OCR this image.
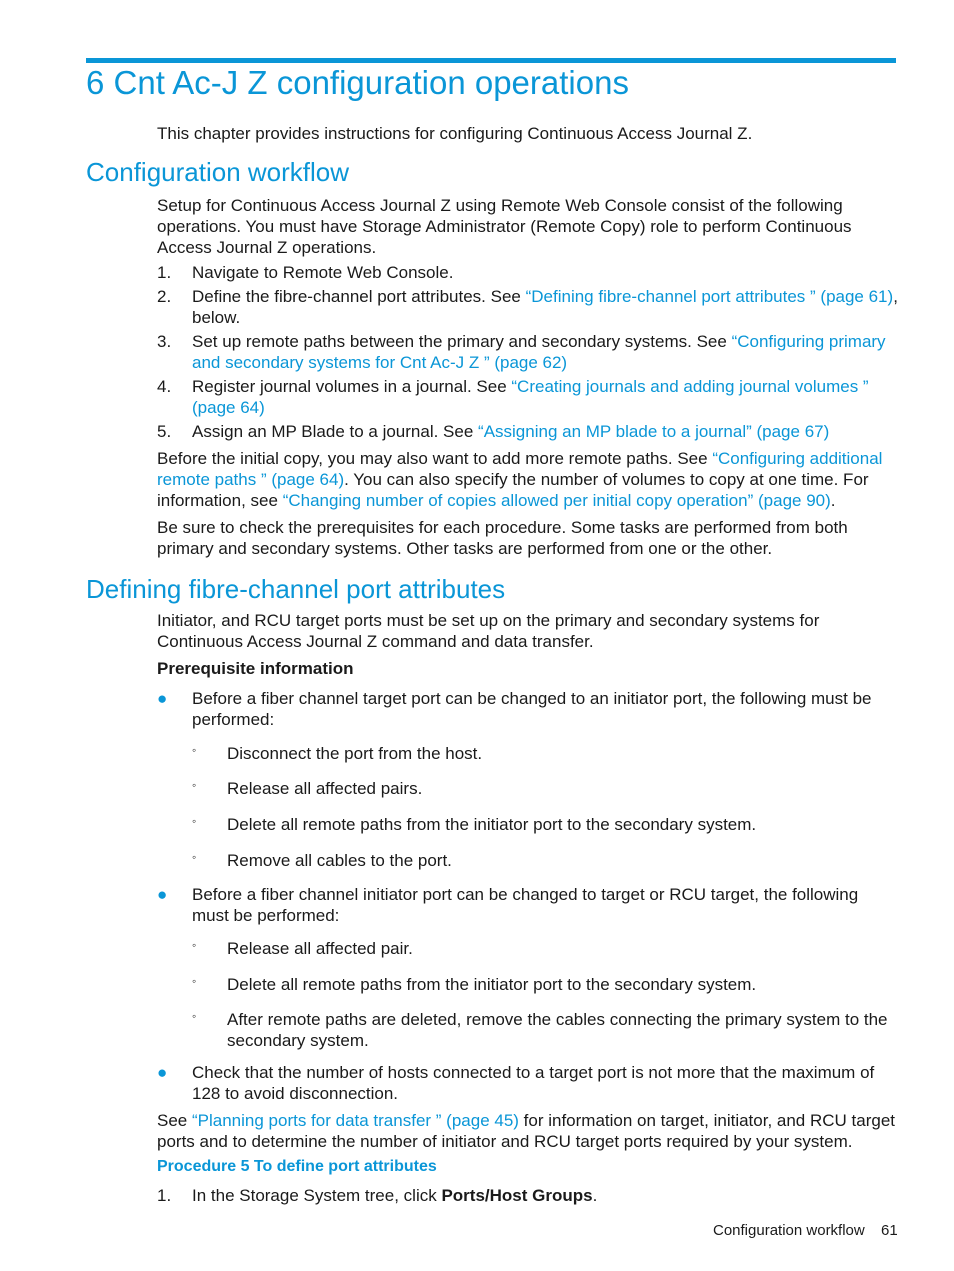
6 Cnt Ac-J Z configuration operations

This chapter provides instructions for configuring Continuous Access Journal Z.

Configuration workflow

Setup for Continuous Access Journal Z using Remote Web Console consist of the following operations. You must have Storage Administrator (Remote Copy) role to perform Continuous Access Journal Z operations.

1. Navigate to Remote Web Console.
2. Define the fibre-channel port attributes. See “Defining fibre-channel port attributes ” (page 61), below.
3. Set up remote paths between the primary and secondary systems. See “Configuring primary and secondary systems for Cnt Ac-J Z ” (page 62)
4. Register journal volumes in a journal. See “Creating journals and adding journal volumes ” (page 64)
5. Assign an MP Blade to a journal. See “Assigning an MP blade to a journal” (page 67)

Before the initial copy, you may also want to add more remote paths. See “Configuring additional remote paths ” (page 64). You can also specify the number of volumes to copy at one time. For information, see “Changing number of copies allowed per initial copy operation” (page 90).

Be sure to check the prerequisites for each procedure. Some tasks are performed from both primary and secondary systems. Other tasks are performed from one or the other.

Defining fibre-channel port attributes

Initiator, and RCU target ports must be set up on the primary and secondary systems for Continuous Access Journal Z command and data transfer.

Prerequisite information

● Before a fiber channel target port can be changed to an initiator port, the following must be performed:
◦ Disconnect the port from the host.
◦ Release all affected pairs.
◦ Delete all remote paths from the initiator port to the secondary system.
◦ Remove all cables to the port.
● Before a fiber channel initiator port can be changed to target or RCU target, the following must be performed:
◦ Release all affected pair.
◦ Delete all remote paths from the initiator port to the secondary system.
◦ After remote paths are deleted, remove the cables connecting the primary system to the secondary system.
● Check that the number of hosts connected to a target port is not more that the maximum of 128 to avoid disconnection.

See “Planning ports for data transfer ” (page 45) for information on target, initiator, and RCU target ports and to determine the number of initiator and RCU target ports required by your system.

Procedure 5 To define port attributes
1. In the Storage System tree, click Ports/Host Groups.
Configuration workflow 61
